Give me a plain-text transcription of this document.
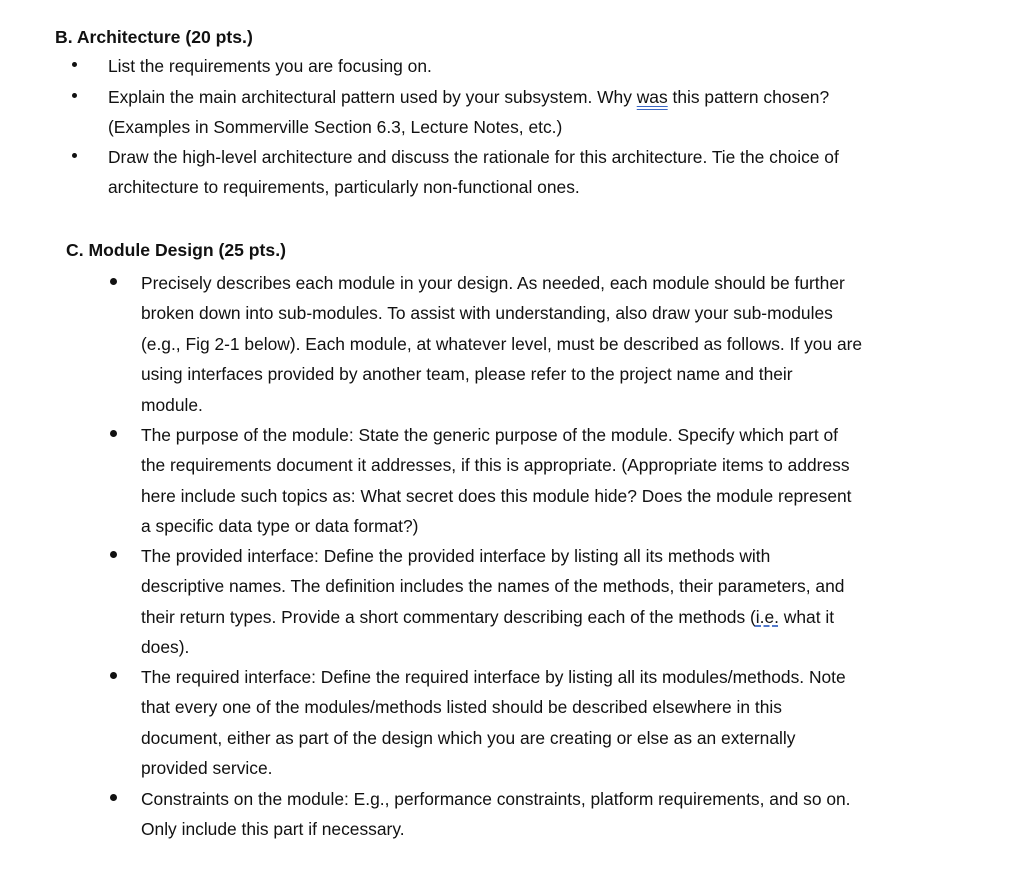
B. Architecture (20 pts.)
List the requirements you are focusing on.
Explain the main architectural pattern used by your subsystem. Why was this pattern chosen?
(Examples in Sommerville Section 6.3, Lecture Notes, etc.)
Draw the high-level architecture and discuss the rationale for this architecture. Tie the choice of
architecture to requirements, particularly non-functional ones.
C. Module Design (25 pts.)
Precisely describes each module in your design. As needed, each module should be further
broken down into sub-modules. To assist with understanding, also draw your sub-modules
(e.g., Fig 2-1 below). Each module, at whatever level, must be described as follows. If you are
using interfaces provided by another team, please refer to the project name and their
module.
The purpose of the module: State the generic purpose of the module. Specify which part of
the requirements document it addresses, if this is appropriate. (Appropriate items to address
here include such topics as: What secret does this module hide? Does the module represent
a specific data type or data format?)
The provided interface: Define the provided interface by listing all its methods with
descriptive names. The definition includes the names of the methods, their parameters, and
their return types. Provide a short commentary describing each of the methods (i.e. what it
does).
The required interface: Define the required interface by listing all its modules/methods. Note
that every one of the modules/methods listed should be described elsewhere in this
document, either as part of the design which you are creating or else as an externally
provided service.
Constraints on the module: E.g., performance constraints, platform requirements, and so on.
Only include this part if necessary.
